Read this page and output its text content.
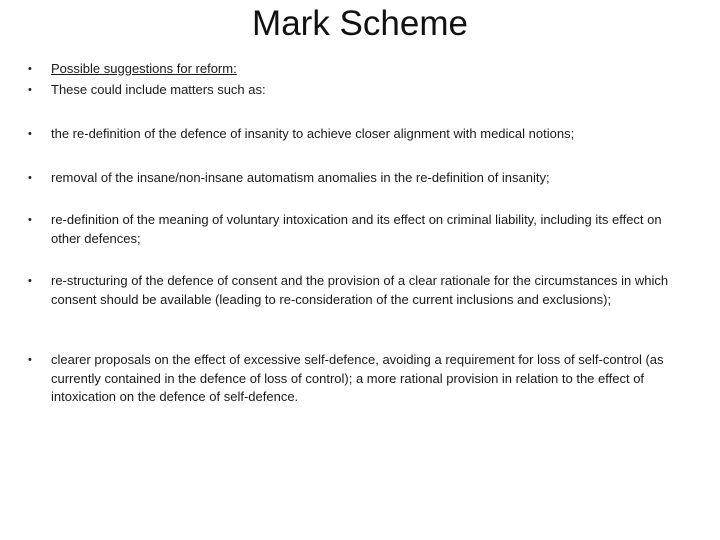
Mark Scheme
•	Possible suggestions for reform:
•	These could include matters such as:
•	the re-definition of the defence of insanity to achieve closer alignment with medical notions;
•	removal of the insane/non-insane automatism anomalies in the re-definition of insanity;
•	re-definition of the meaning of voluntary intoxication and its effect on criminal liability, including its effect on other defences;
•	re-structuring of the defence of consent and the provision of a clear rationale for the circumstances in which consent should be available (leading to re-consideration of the current inclusions and exclusions);
•	clearer proposals on the effect of excessive self-defence, avoiding a requirement for loss of self-control (as currently contained in the defence of loss of control); a more rational provision in relation to the effect of intoxication on the defence of self-defence.
